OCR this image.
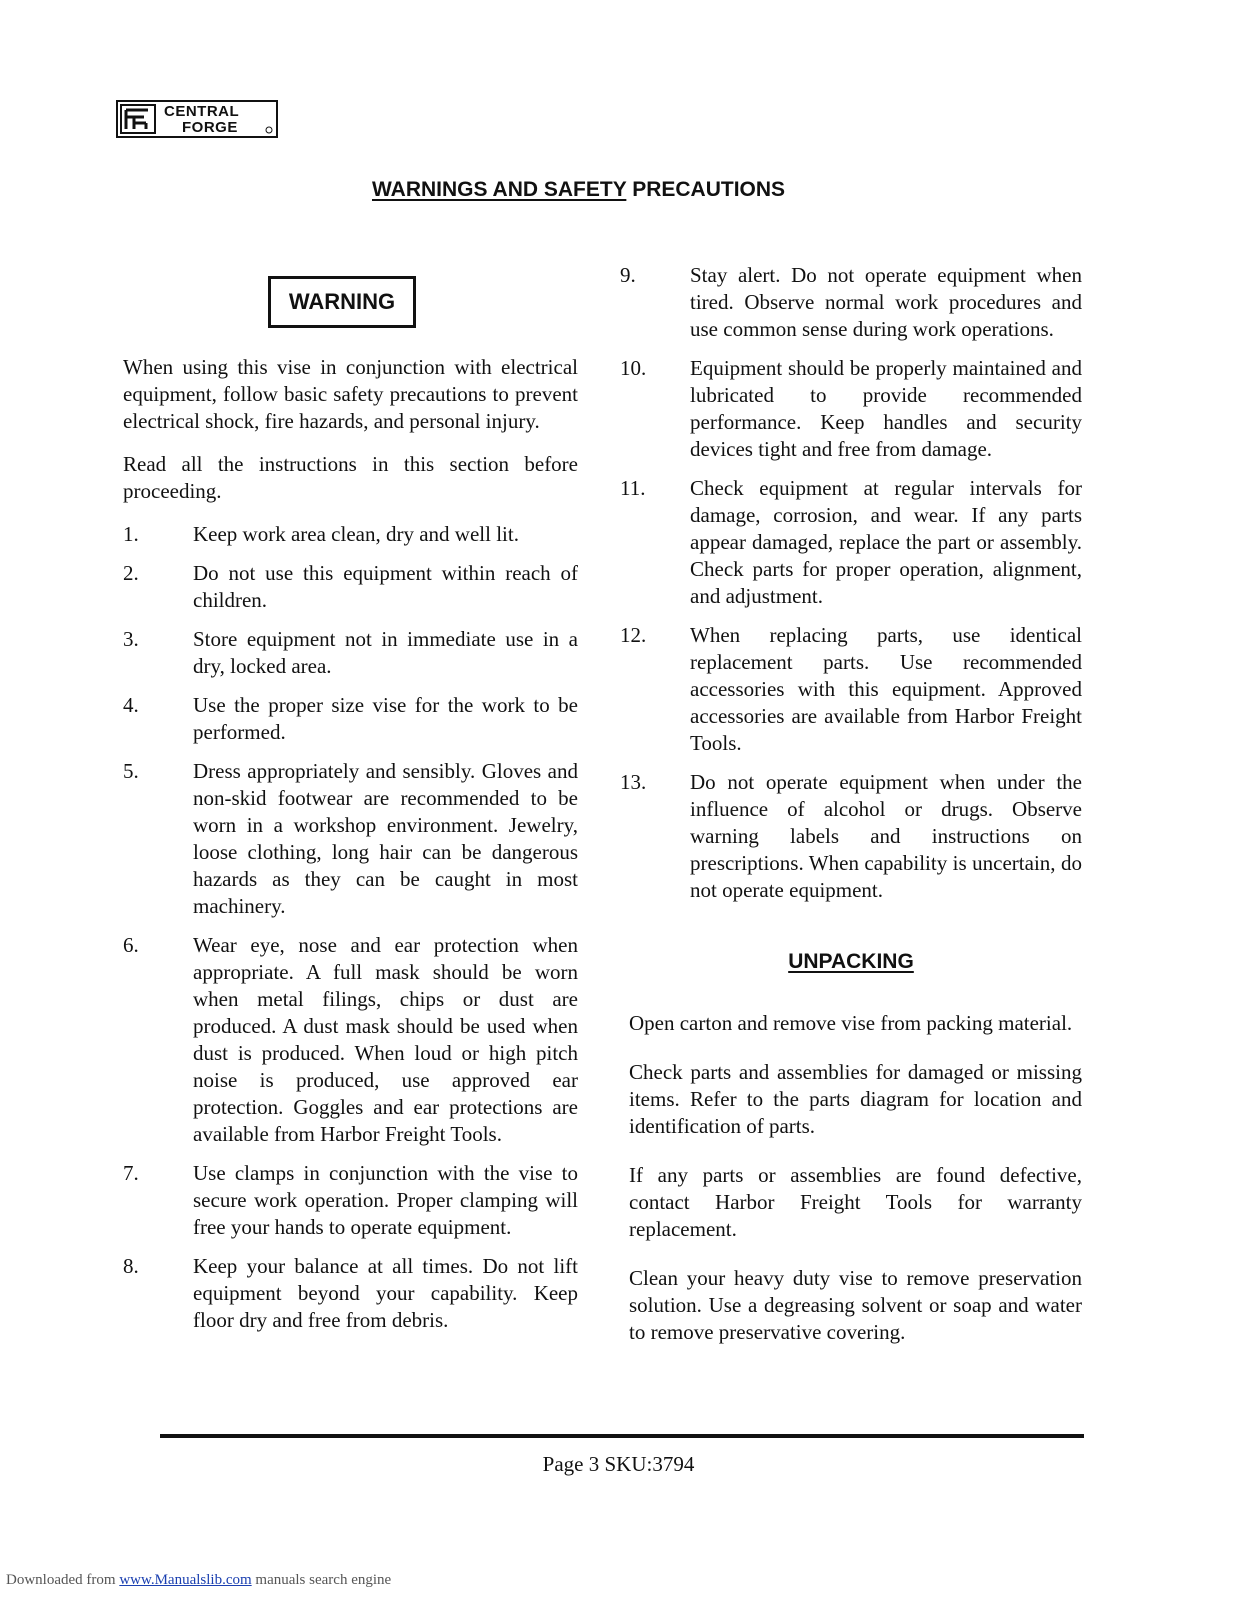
CENTRAL
FORGE
WARNINGS AND SAFETY PRECAUTIONS
WARNING

When using this vise in conjunction with electrical equipment, follow basic safety precautions to prevent electrical shock, fire hazards, and personal injury.

Read all the instructions in this section before proceeding.

1.	Keep work area clean, dry and well lit.
2.	Do not use this equipment within reach of children.
3.	Store equipment not in immediate use in a dry, locked area.
4.	Use the proper size vise for the work to be performed.
5.	Dress appropriately and sensibly. Gloves and non-skid footwear are recommended to be worn in a workshop environment. Jewelry, loose clothing, long hair can be dangerous hazards as they can be caught in most machinery.
6.	Wear eye, nose and ear protection when appropriate. A full mask should be worn when metal filings, chips or dust are produced. A dust mask should be used when dust is produced. When loud or high pitch noise is produced, use approved ear protection. Goggles and ear protections are available from Harbor Freight Tools.
7.	Use clamps in conjunction with the vise to secure work operation. Proper clamping will free your hands to operate equipment.
8.	Keep your balance at all times. Do not lift equipment beyond your capability. Keep floor dry and free from debris.
9.	Stay alert. Do not operate equipment when tired. Observe normal work procedures and use common sense during work operations.
10.	Equipment should be properly maintained and lubricated to provide recommended performance. Keep handles and security devices tight and free from damage.
11.	Check equipment at regular intervals for damage, corrosion, and wear. If any parts appear damaged, replace the part or assembly. Check parts for proper operation, alignment, and adjustment.
12.	When replacing parts, use identical replacement parts. Use recommended accessories with this equipment. Approved accessories are available from Harbor Freight Tools.
13.	Do not operate equipment when under the influence of alcohol or drugs. Observe warning labels and instructions on prescriptions. When capability is uncertain, do not operate equipment.
UNPACKING

Open carton and remove vise from packing material.

Check parts and assemblies for damaged or missing items. Refer to the parts diagram for location and identification of parts.

If any parts or assemblies are found defective, contact Harbor Freight Tools for warranty replacement.

Clean your heavy duty vise to remove preservation solution. Use a degreasing solvent or soap and water to remove preservative covering.

Page 3 SKU:3794
Downloaded from www.Manualslib.com manuals search engine
